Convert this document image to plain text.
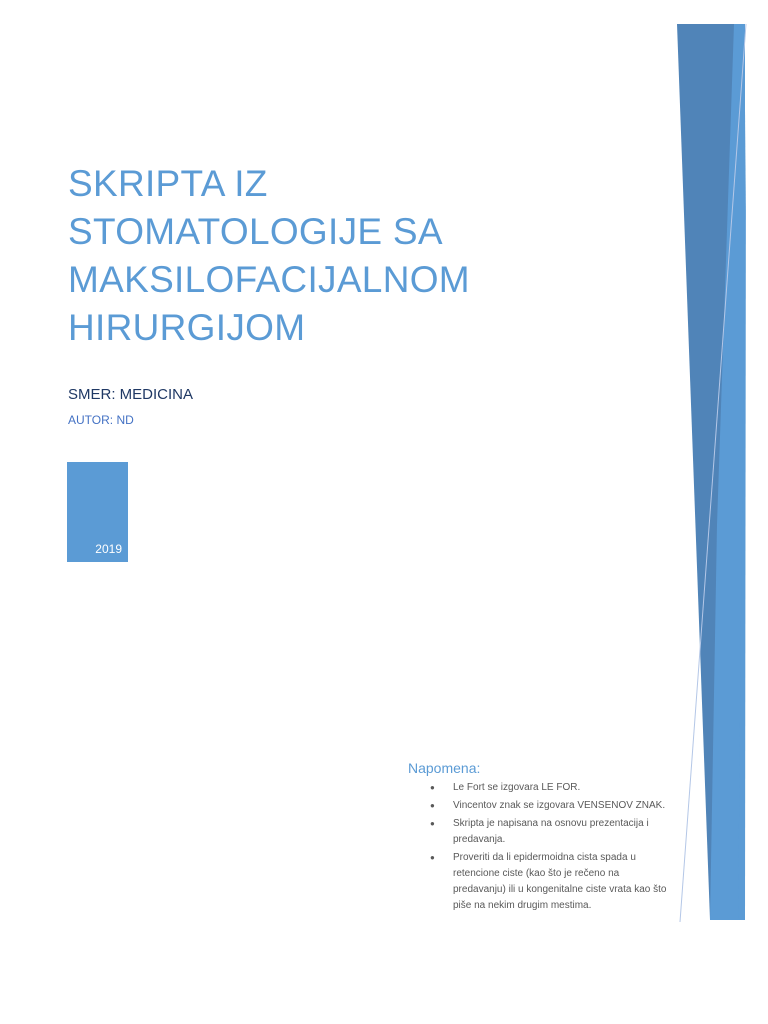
SKRIPTA IZ
STOMATOLOGIJE SA
MAKSILOFACIJALNOM
HIRURGIJOM
SMER: MEDICINA
AUTOR: ND
2019
Napomena:
● Le Fort se izgovara LE FOR.
● Vincentov znak se izgovara VENSENOV ZNAK.
● Skripta je napisana na osnovu prezentacija i predavanja.
● Proveriti da li epidermoidna cista spada u retencione ciste (kao što je rečeno na predavanju) ili u kongenitalne ciste vrata kao što piše na nekim drugim mestima.
